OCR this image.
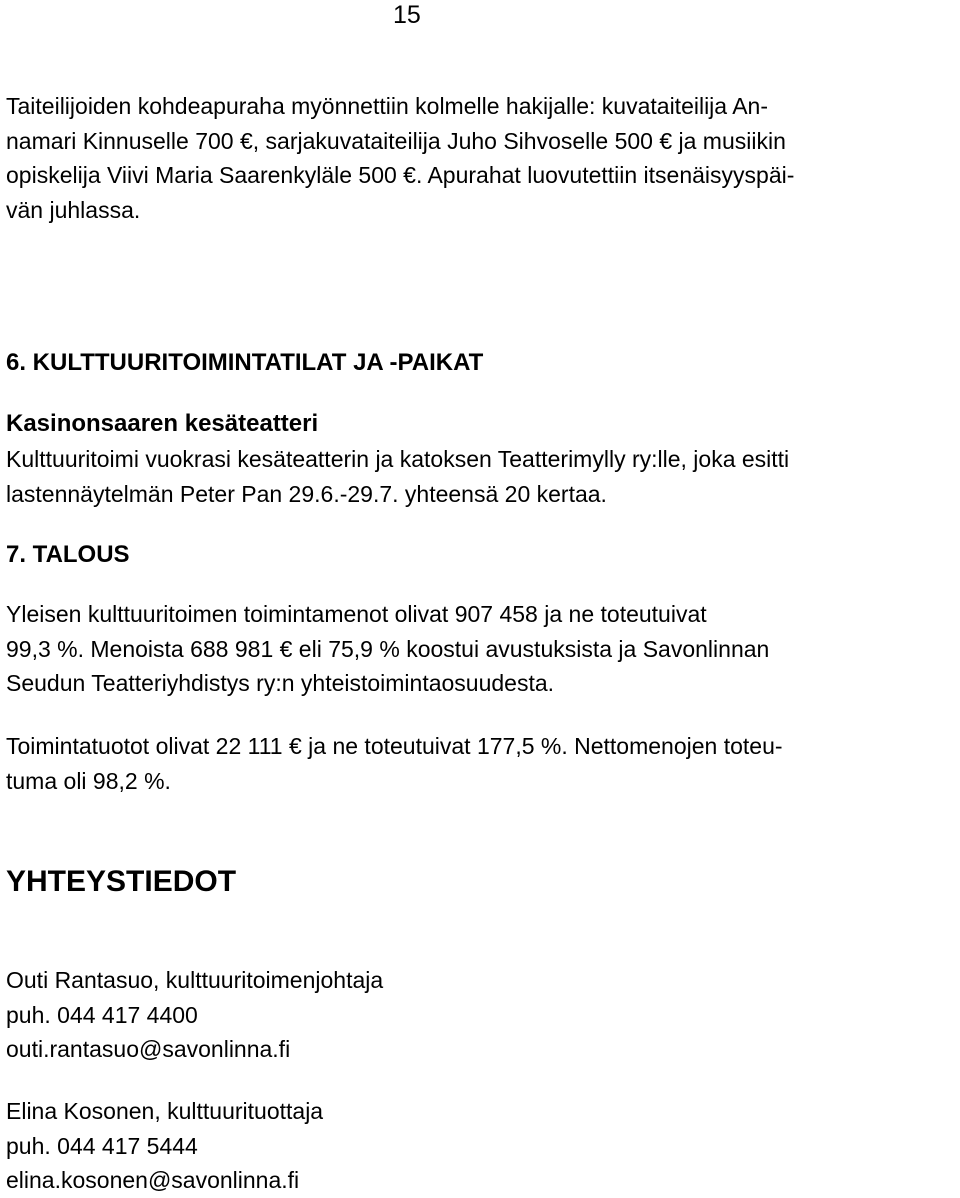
15
Taiteilijoiden kohdeapuraha myönnettiin kolmelle hakijalle: kuvataiteilija An-
namari Kinnuselle 700 €, sarjakuvataiteilija Juho Sihvoselle 500 € ja musiikin
opiskelija Viivi Maria Saarenkyläle 500 €. Apurahat luovutettiin itsenäisyyspäi-
vän juhlassa.
6. KULTTUURITOIMINTATILAT JA -PAIKAT
Kasinonsaaren kesäteatteri
Kulttuuritoimi vuokrasi kesäteatterin ja katoksen Teatterimylly ry:lle, joka esitti
lastennäytelmän Peter Pan 29.6.-29.7. yhteensä 20 kertaa.
7. TALOUS
Yleisen kulttuuritoimen toimintamenot olivat 907 458 ja ne toteutuivat
99,3 %. Menoista 688 981 € eli 75,9 % koostui avustuksista ja Savonlinnan
Seudun Teatteriyhdistys ry:n yhteistoimintaosuudesta.
Toimintatuotot olivat 22 111 € ja ne toteutuivat 177,5 %. Nettomenojen toteu-
tuma oli 98,2 %.
YHTEYSTIEDOT
Outi Rantasuo, kulttuuritoimenjohtaja
puh. 044 417 4400
outi.rantasuo@savonlinna.fi
Elina Kosonen, kulttuurituottaja
puh. 044 417 5444
elina.kosonen@savonlinna.fi
